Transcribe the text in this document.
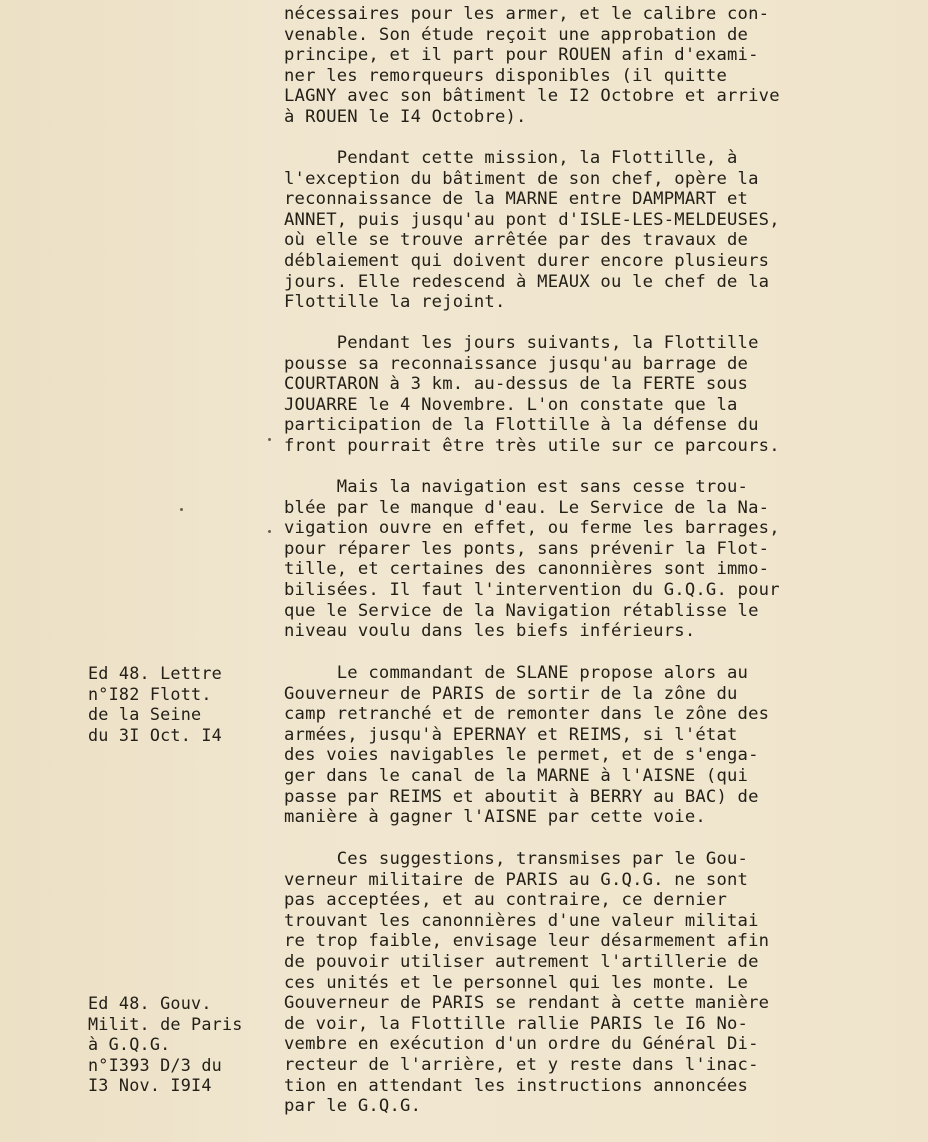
nécessaires pour les armer, et le calibre con-
venable. Son étude reçoit une approbation de
principe, et il part pour ROUEN afin d'exami-
ner les remorqueurs disponibles (il quitte
LAGNY avec son bâtiment le I2 Octobre et arrive
à ROUEN le I4 Octobre).
Pendant cette mission, la Flottille, à
l'exception du bâtiment de son chef, opère la
reconnaissance de la MARNE entre DAMPMART et
ANNET, puis jusqu'au pont d'ISLE-LES-MELDEUSES,
où elle se trouve arrêtée par des travaux de
déblaiement qui doivent durer encore plusieurs
jours. Elle redescend à MEAUX ou le chef de la
Flottille la rejoint.
Pendant les jours suivants, la Flottille
pousse sa reconnaissance jusqu'au barrage de
COURTARON à 3 km. au-dessus de la FERTE sous
JOUARRE le 4 Novembre. L'on constate que la
participation de la Flottille à la défense du
front pourrait être très utile sur ce parcours.
Mais la navigation est sans cesse trou-
blée par le manque d'eau. Le Service de la Na-
vigation ouvre en effet, ou ferme les barrages,
pour réparer les ponts, sans prévenir la Flot-
tille, et certaines des canonnières sont immo-
bilisées. Il faut l'intervention du G.Q.G. pour
que le Service de la Navigation rétablisse le
niveau voulu dans les biefs inférieurs.
Le commandant de SLANE propose alors au
Gouverneur de PARIS de sortir de la zône du
camp retranché et de remonter dans le zône des
armées, jusqu'à EPERNAY et REIMS, si l'état
des voies navigables le permet, et de s'enga-
ger dans le canal de la MARNE à l'AISNE (qui
passe par REIMS et aboutit à BERRY au BAC) de
manière à gagner l'AISNE par cette voie.
Ces suggestions, transmises par le Gou-
verneur militaire de PARIS au G.Q.G. ne sont
pas acceptées, et au contraire, ce dernier
trouvant les canonnières d'une valeur militai
re trop faible, envisage leur désarmement afin
de pouvoir utiliser autrement l'artillerie de
ces unités et le personnel qui les monte. Le
Gouverneur de PARIS se rendant à cette manière
de voir, la Flottille rallie PARIS le I6 No-
vembre en exécution d'un ordre du Général Di-
recteur de l'arrière, et y reste dans l'inac-
tion en attendant les instructions annoncées
par le G.Q.G.
Ed 48. Lettre
n°I82 Flott.
de la Seine
du 3I Oct. I4
Ed 48. Gouv.
Milit. de Paris
à G.Q.G.
n°I393 D/3 du
I3 Nov. I9I4
